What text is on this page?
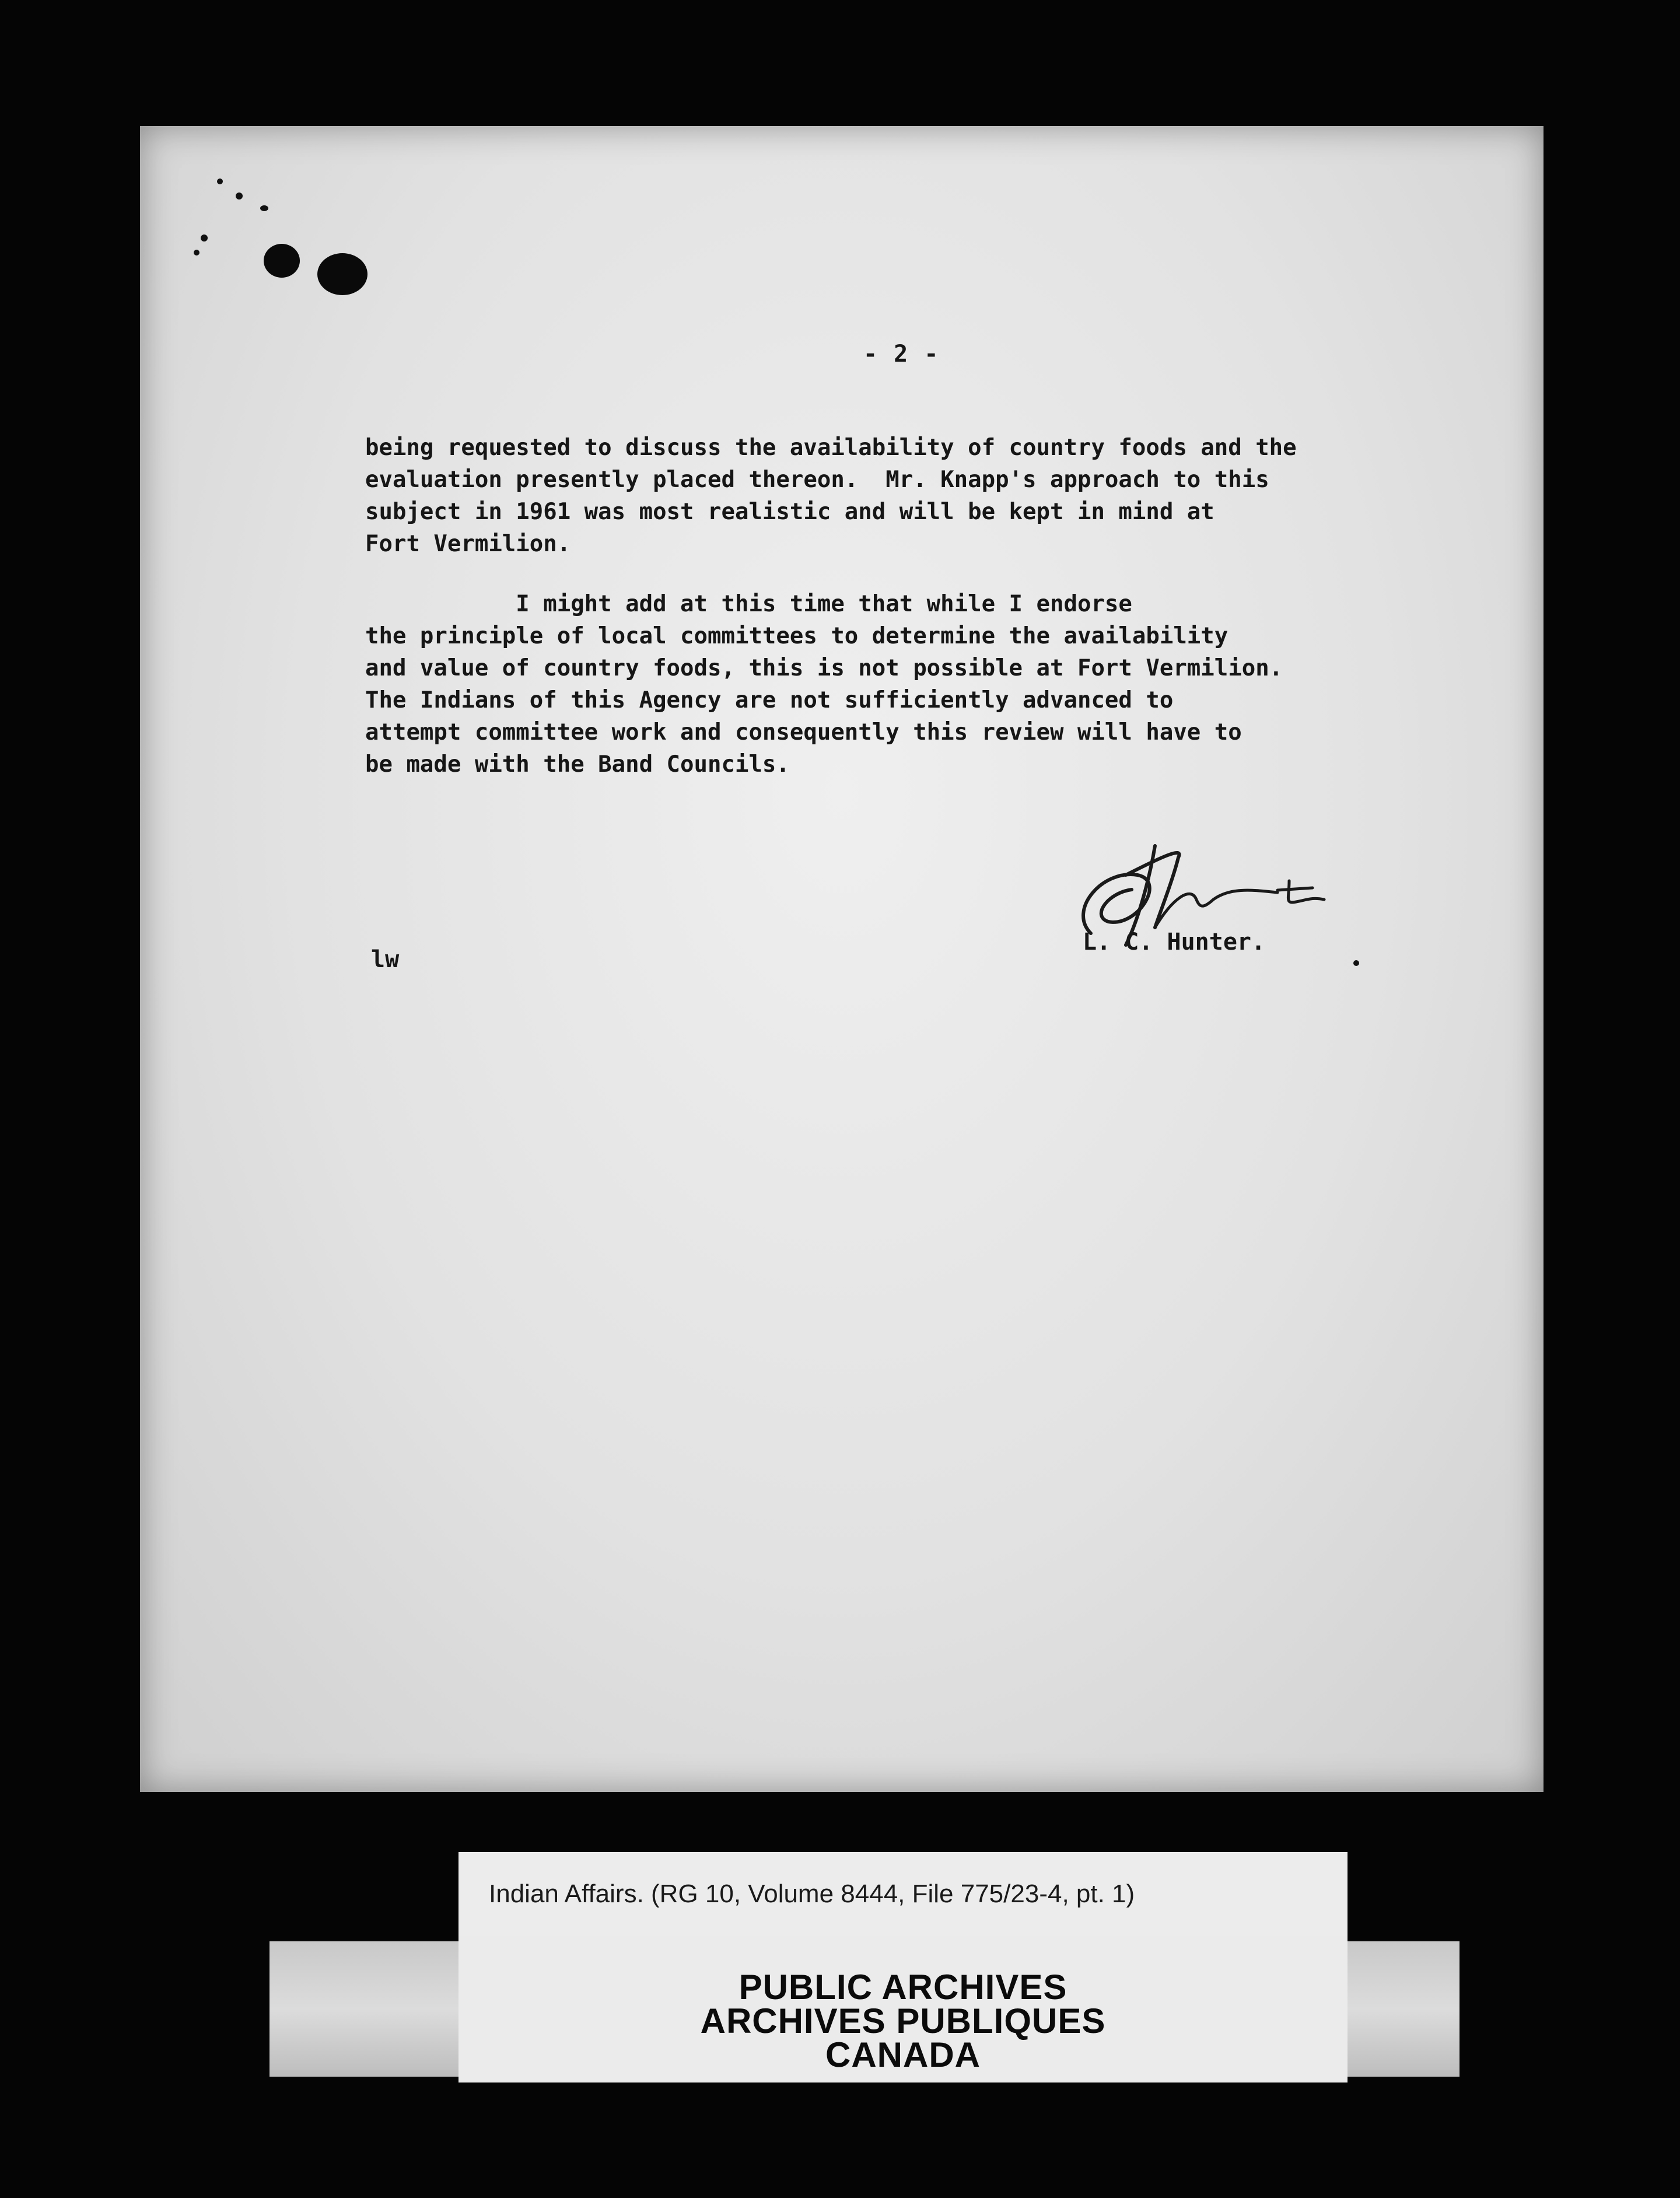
- 2 -

being requested to discuss the availability of country foods and the

evaluation presently placed thereon.  Mr. Knapp's approach to this

subject in 1961 was most realistic and will be kept in mind at

Fort Vermilion.

I might add at this time that while I endorse

the principle of local committees to determine the availability

and value of country foods, this is not possible at Fort Vermilion.

The Indians of this Agency are not sufficiently advanced to

attempt committee work and consequently this review will have to

be made with the Band Councils.

L. C. Hunter.
lw
Indian Affairs. (RG 10, Volume 8444, File 775/23-4, pt. 1)
PUBLIC ARCHIVES
ARCHIVES PUBLIQUES
CANADA
